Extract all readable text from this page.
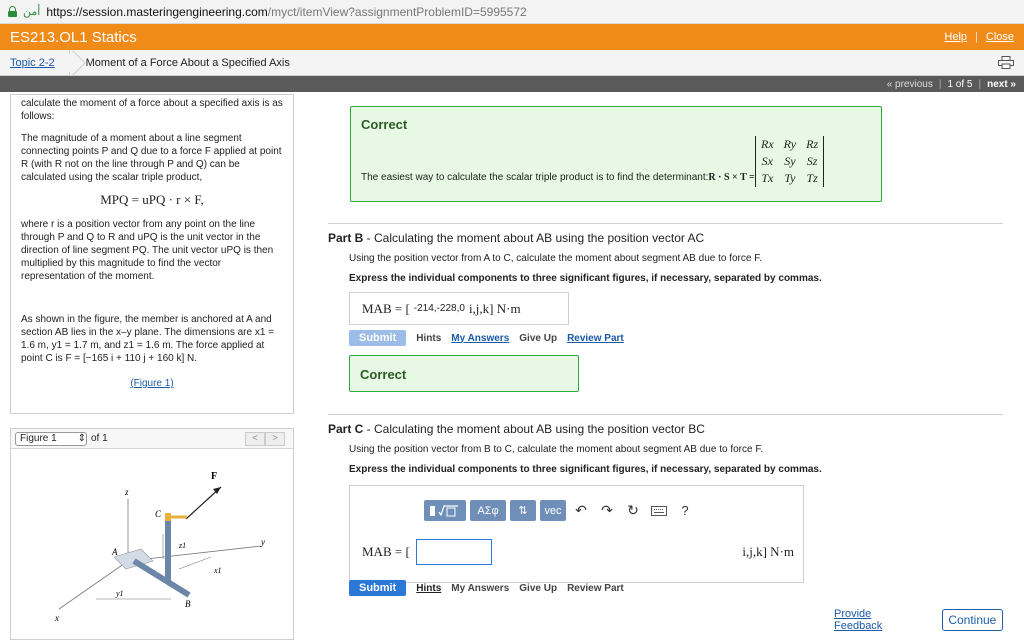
أمن https://session.masteringengineering.com/myct/itemView?assignmentProblemID=5995572
ES213.OL1 Statics	Help | Close
Topic 2-2	Moment of a Force About a Specified Axis
« previous | 1 of 5 | next »

calculate the moment of a force about a specified axis is as follows:

The magnitude of a moment about a line segment connecting points P and Q due to a force F applied at point R (with R not on the line through P and Q) can be calculated using the scalar triple product,

MPQ = uPQ · r × F,

where r is a position vector from any point on the line through P and Q to R and uPQ is the unit vector in the direction of line segment PQ. The unit vector uPQ is then multiplied by this magnitude to find the vector representation of the moment.

As shown in the figure, the member is anchored at A and section AB lies in the x–y plane. The dimensions are x1 = 1.6 m, y1 = 1.7 m, and z1 = 1.6 m. The force applied at point C is F = [−165 i + 110 j + 160 k] N.

(Figure 1)
Figure 1 ⇕ of 1	<	>
z
F
C
A
z1	y
x1
y1
B
x
Correct
The easiest way to calculate the scalar triple product is to find the determinant:R · S × T =
Rx	Ry	Rz
Sx	Sy	Sz
Tx	Ty	Tz
Part B - Calculating the moment about AB using the position vector AC
Using the position vector from A to C, calculate the moment about segment AB due to force F.
Express the individual components to three significant figures, if necessary, separated by commas.
MAB = [ -214,-228,0 i,j,k] N·m
Submit	Hints My Answers Give Up Review Part
Correct
Part C - Calculating the moment about AB using the position vector BC
Using the position vector from B to C, calculate the moment about segment AB due to force F.
Express the individual components to three significant figures, if necessary, separated by commas.
ΑΣφ	⇅	vec ↶	↷	↻	?
MAB = [	i,j,k] N·m
Submit	Hints My Answers Give Up Review Part
Provide Feedback	Continue
